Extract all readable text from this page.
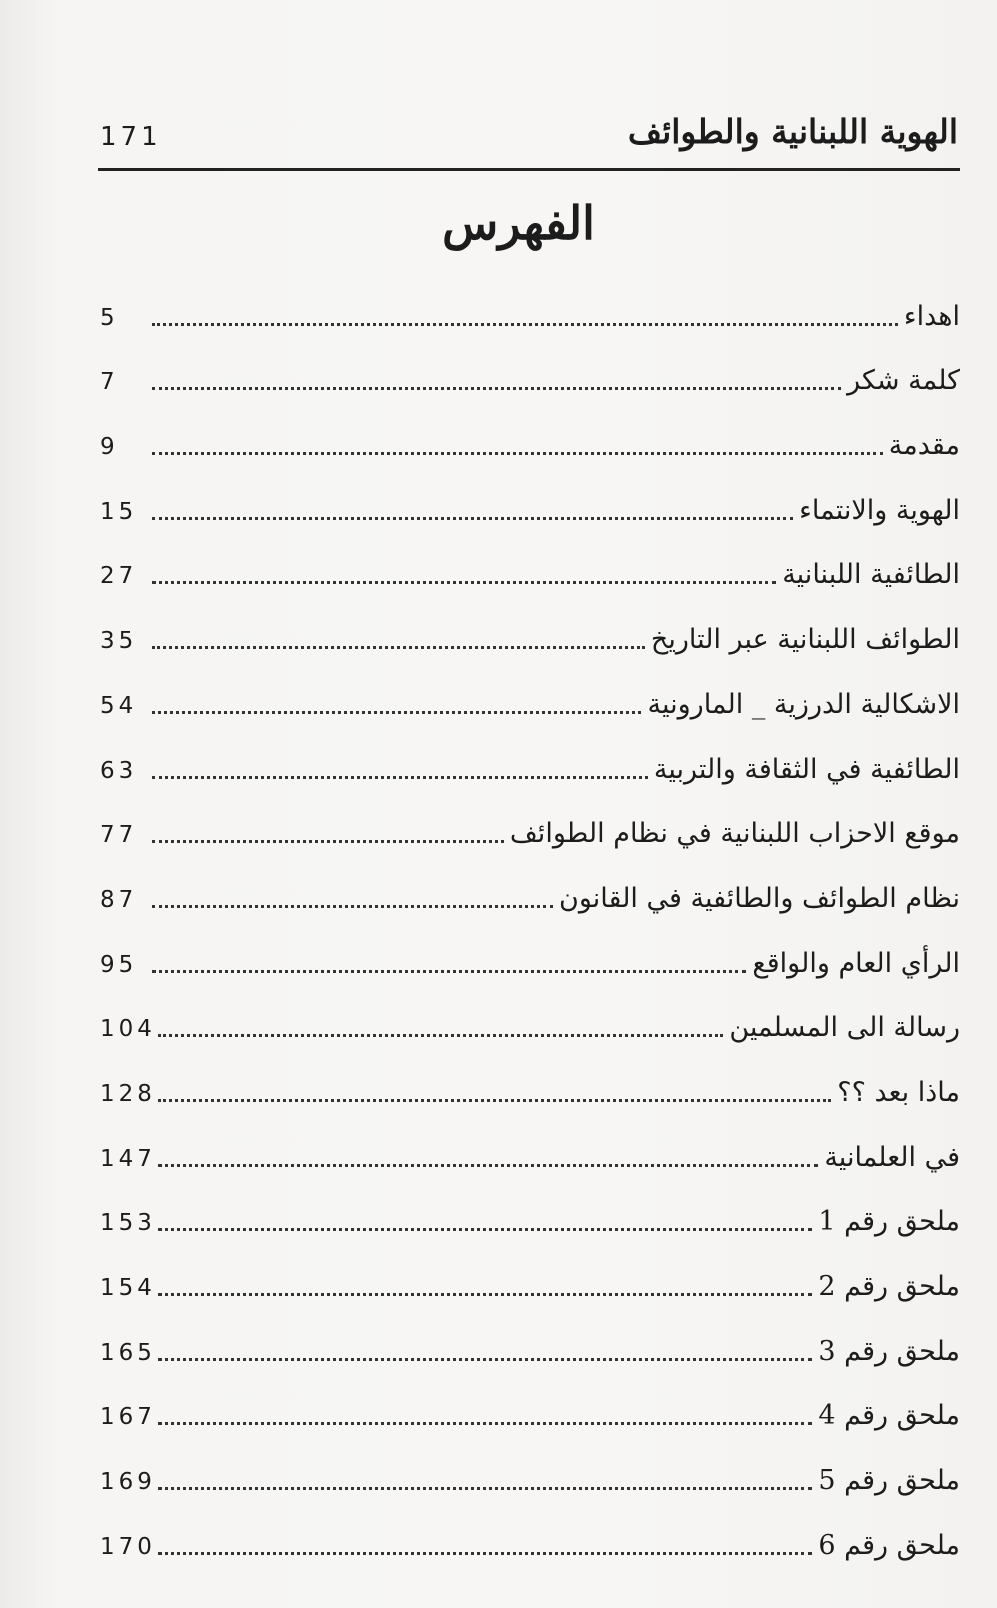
الهوية اللبنانية والطوائف
171
الفهرس
اهداء
5
كلمة شكر
7
مقدمة
9
الهوية والانتماء
15
الطائفية اللبنانية
27
الطوائف اللبنانية عبر التاريخ
35
الاشكالية الدرزية _ المارونية
54
الطائفية في الثقافة والتربية
63
موقع الاحزاب اللبنانية في نظام الطوائف
77
نظام الطوائف والطائفية في القانون
87
الرأي العام والواقع
95
رسالة الى المسلمين
104
ماذا بعد ؟؟
128
في العلمانية
147
ملحق رقم 1
153
ملحق رقم 2
154
ملحق رقم 3
165
ملحق رقم 4
167
ملحق رقم 5
169
ملحق رقم 6
170
